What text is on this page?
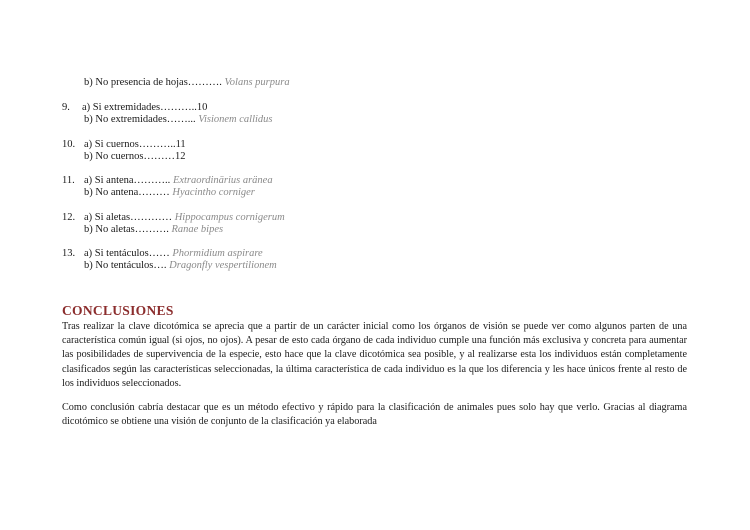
b) No presencia de hojas………. Volans purpura
9. a) Si extremidades………..10
b) No extremidades……... Visionem callidus
10. a) Si cuernos………..11
b) No cuernos………12
11. a) Si antena……….. Extraordinärius aränea
b) No antena……… Hyacintho corniger
12. a) Si aletas………… Hippocampus cornigerum
b) No aletas………. Ranae bipes
13. a) Si tentáculos…… Phormidium aspirare
b) No tentáculos…. Dragonfly vespertilionem
CONCLUSIONES
Tras realizar la clave dicotómica se aprecia que a partir de un carácter inicial como los órganos de visión se puede ver como algunos parten de una característica común igual (si ojos, no ojos). A pesar de esto cada órgano de cada individuo cumple una función más exclusiva y concreta para aumentar las posibilidades de supervivencia de la especie, esto hace que la clave dicotómica sea posible, y al realizarse esta los individuos están completamente clasificados según las características seleccionadas, la última característica de cada individuo es la que los diferencia y les hace únicos frente al resto de los individuos seleccionados.
Como conclusión cabría destacar que es un método efectivo y rápido para la clasificación de animales pues solo hay que verlo. Gracias al diagrama dicotómico se obtiene una visión de conjunto de la clasificación ya elaborada
